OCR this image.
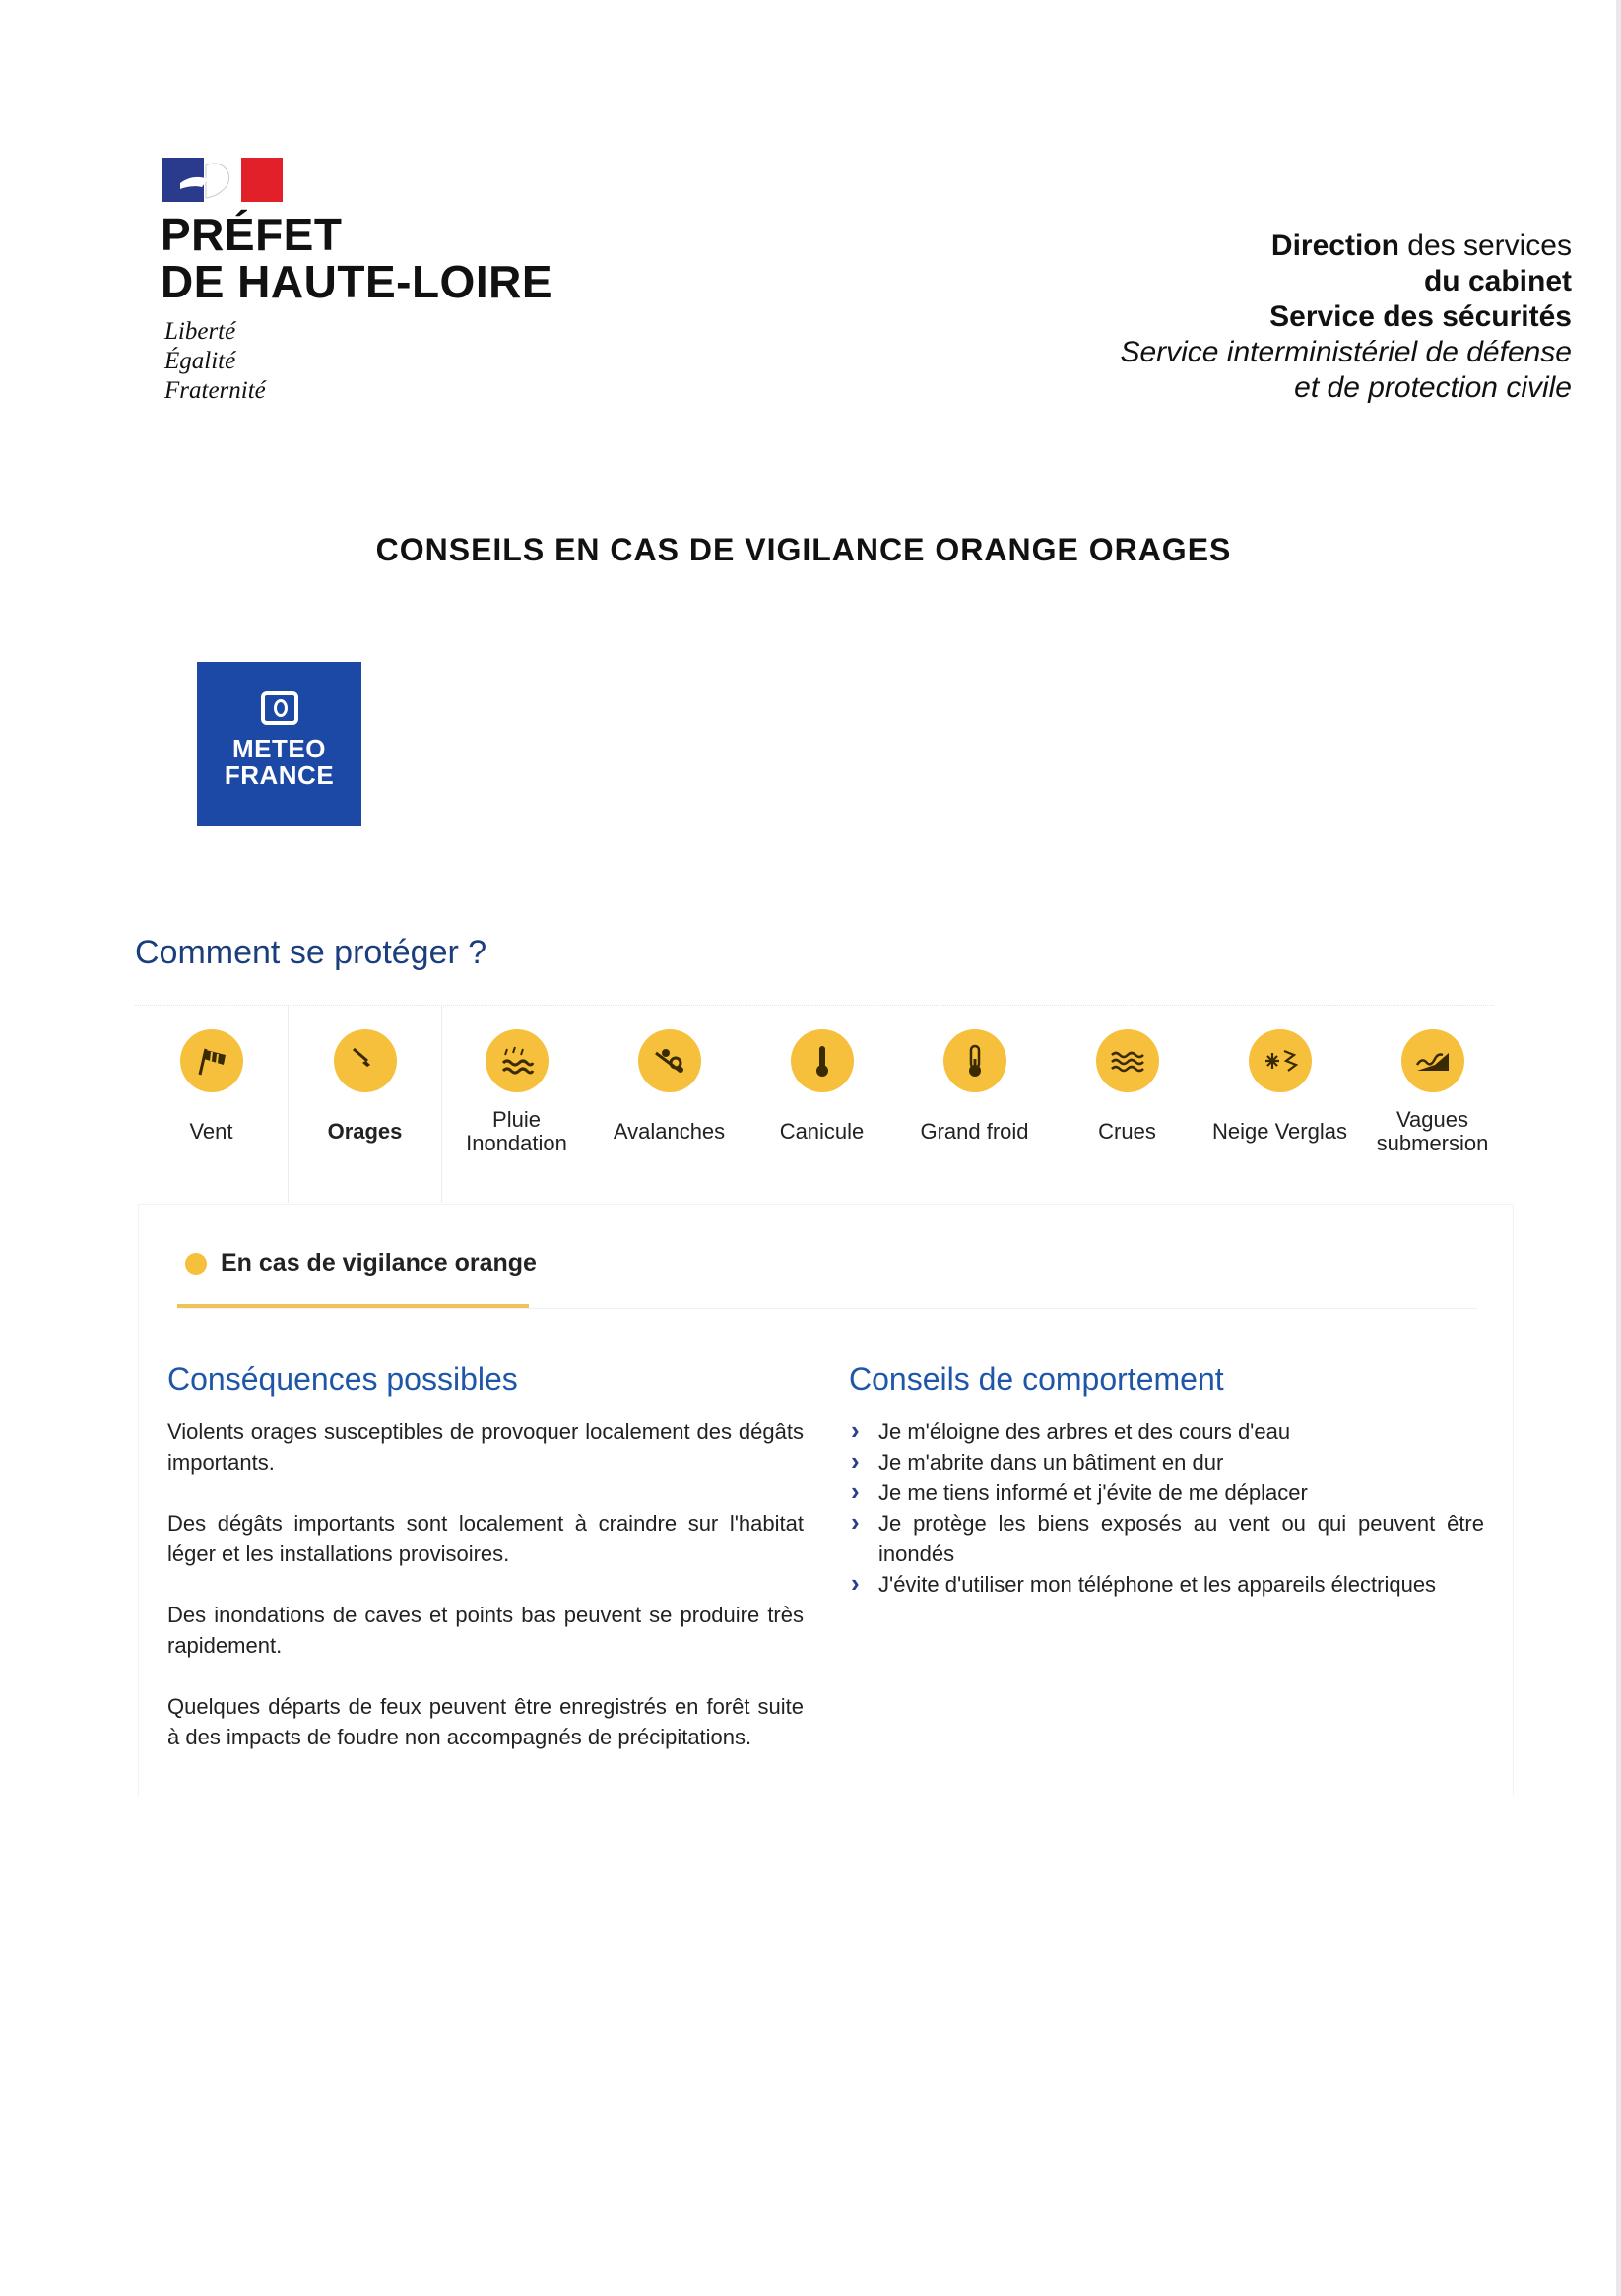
PRÉFET
DE HAUTE-LOIRE
Liberté
Égalité
Fraternité
Direction des services
du cabinet
Service des sécurités
Service interministériel de défense
et de protection civile
CONSEILS EN CAS DE VIGILANCE ORANGE ORAGES
METEO
FRANCE
Comment se protéger ?
Vent	Orages	Pluie
Inondation	Avalanches	Canicule	Grand froid	Crues	Neige Verglas	Vagues
submersion
En cas de vigilance orange
Conséquences possibles

Violents orages susceptibles de provoquer localement des dégâts importants.

Des dégâts importants sont localement à craindre sur l'habitat léger et les installations provisoires.

Des inondations de caves et points bas peuvent se produire très rapidement.

Quelques départs de feux peuvent être enregistrés en forêt suite à des impacts de foudre non accompagnés de précipitations.

Conseils de comportement
› Je m'éloigne des arbres et des cours d'eau
› Je m'abrite dans un bâtiment en dur
› Je me tiens informé et j'évite de me déplacer
› Je protège les biens exposés au vent ou qui peuvent être inondés
› J'évite d'utiliser mon téléphone et les appareils électriques
